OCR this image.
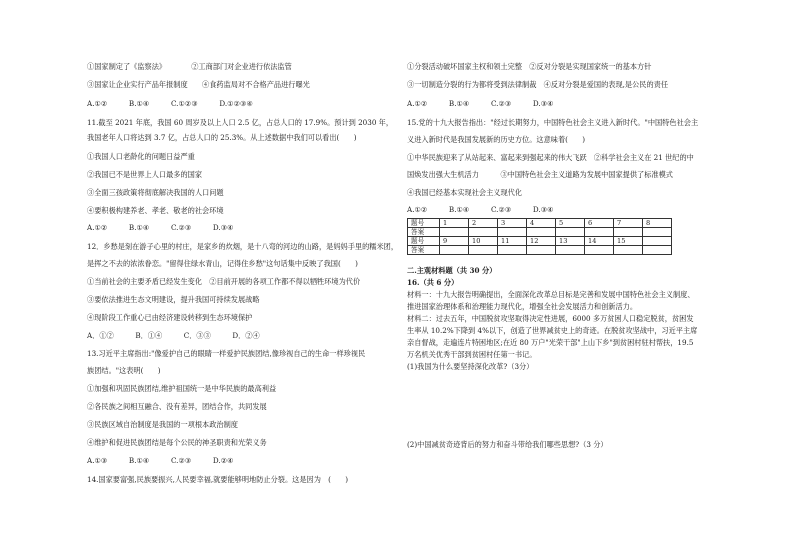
①国家制定了《监察法》　　　　②工商部门对企业进行依法监管
③国家让企业实行产品年报制度　　④食药监局对不合格产品进行曝光
A.①②　　　B.①④　　　C.①②③　　　D.①②③④
11.截至 2021 年底，我国 60 周岁及以上人口 2.5 亿，占总人口的 17.9%。预计到 2030 年，
我国老年人口将达到 3.7 亿，占总人口的 25.3%。从上述数据中我们可以看出(　　)
①我国人口老龄化的问题日益严重
②我国已不是世界上人口最多的国家
③全面三孩政策将彻底解决我国的人口问题
④要积极构建养老、孝老、敬老的社会环境
A.①②　　　B.①④　　　C.②③　　　D.③④
12．乡愁是刻在游子心里的村庄，是家乡的炊烟，是十八弯的河边的山路，是妈妈手里的糯米团，
是挥之不去的浓浓眷恋。"留得住绿水青山，记得住乡愁"这句话集中反映了我国(　　)
①当前社会的主要矛盾已经发生变化　②目前开展的各项工作都不得以牺牲环境为代价
③要依法推进生态文明建设，提升我国可持续发展战略
④现阶段工作重心已由经济建设转移到生态环境保护
A．①②　　　B．①④　　　C．③③　　　D．②④
13.习近平主席指出:"像爱护自己的眼睛一样爱护民族团结,像珍视自己的生命一样珍视民
族团结。"这表明(　　)
①加强和巩固民族团结,维护祖国统一是中华民族的最高利益
②各民族之间相互融合、没有差异，团结合作，共同发展
③民族区域自治制度是我国的一项根本政治制度
④维护和促进民族团结是每个公民的神圣职责和光荣义务
A.①③　　　B.①④　　　C.②③　　　D.②④
14.国家要富强,民族要振兴,人民要幸福,就要能够明地防止分裂。这是因为　(　　)
①分裂活动破坏国家主权和领土完整　②反对分裂是实现国家统一的基本方针
③一切制造分裂的行为都将受到法律制裁　④反对分裂是爱国的表现,是公民的责任
A.①②　　　B.①④　　　C.②③　　　D.③④
15.党的十九大报告指出："经过长期努力，中国特色社会主义进入新时代。"中国特色社会主
义进入新时代是我国发展新的历史方位。这意味着(　　)
①中华民族迎来了从站起来、富起来到强起来的伟大飞跃　②科学社会主义在 21 世纪的中
国焕发出强大生机活力　　　③中国特色社会主义道路为发展中国家提供了标准模式
④我国已经基本实现社会主义现代化
A.①②　　　B.①④　　　C.②③　　　D.③④
题号	1	2	3	4	5	6	7	8
答案								
题号	9	10	11	12	13	14	15	
答案								
二.主观材料题（共 30 分）
16.（共 6 分）
材料一：十九大报告明确提出，全面深化改革总目标是完善和发展中国特色社会主义制度、
推进国家治理体系和治理能力现代化，增强全社会发展活力和创新活力。
材料二：过去五年，中国脱贫攻坚取得决定性进展，6000 多万贫困人口稳定脱贫，贫困发
生率从 10.2%下降到 4%以下，创造了世界减贫史上的奇迹。在脱贫攻坚战中，习近平主席
亲自督战，走遍连片特困地区;在近 80 万户"光荣干部"上山下乡"到贫困村驻村帮扶，19.5
万名机关优秀干部到贫困村任第一书记。
(1)我国为什么要坚持深化改革?（3分）
(2)中国减贫奇迹背后的努力和奋斗带给我们哪些思想?（3 分）
